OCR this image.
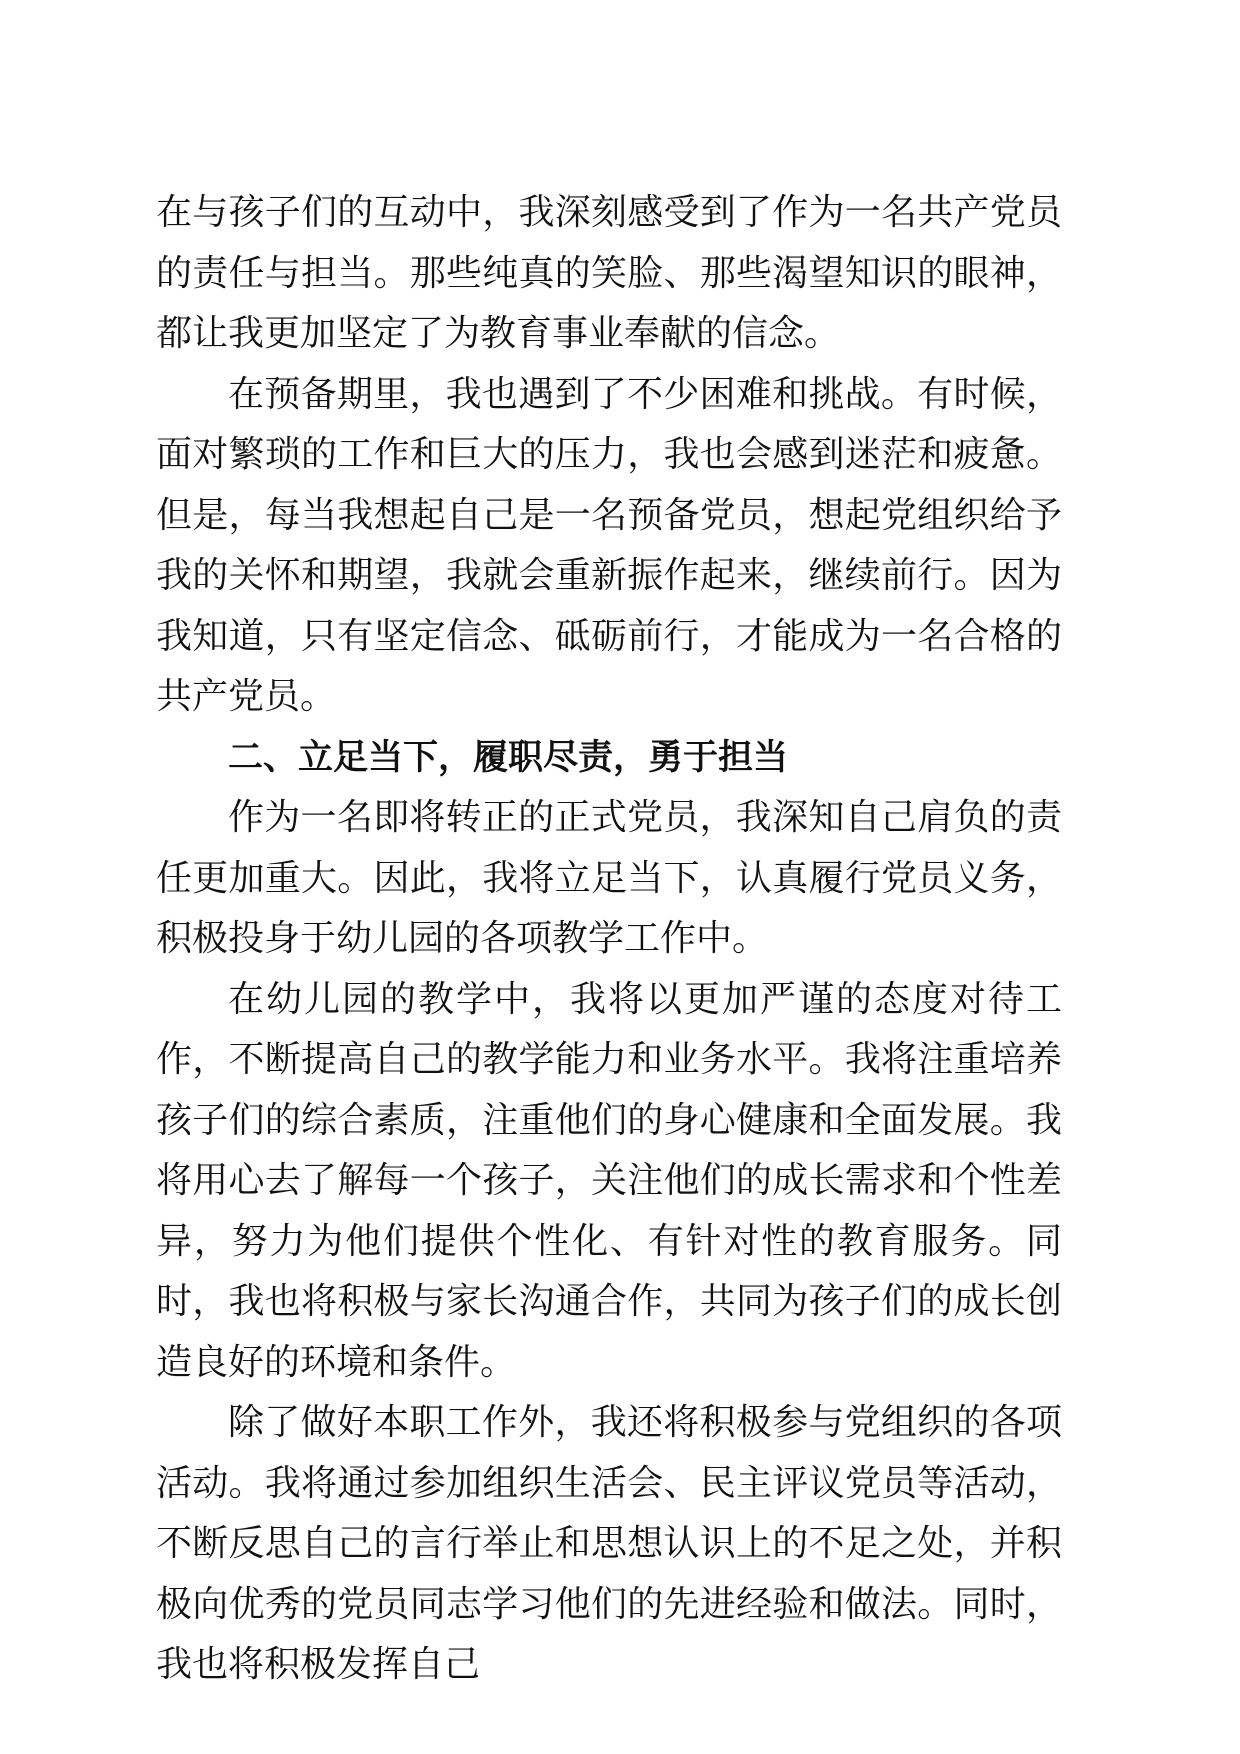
在与孩子们的互动中，我深刻感受到了作为一名共产党员的责任与担当。那些纯真的笑脸、那些渴望知识的眼神，都让我更加坚定了为教育事业奉献的信念。

在预备期里，我也遇到了不少困难和挑战。有时候，面对繁琐的工作和巨大的压力，我也会感到迷茫和疲惫。但是，每当我想起自己是一名预备党员，想起党组织给予我的关怀和期望，我就会重新振作起来，继续前行。因为我知道，只有坚定信念、砥砺前行，才能成为一名合格的共产党员。

二、立足当下，履职尽责，勇于担当

作为一名即将转正的正式党员，我深知自己肩负的责任更加重大。因此，我将立足当下，认真履行党员义务，积极投身于幼儿园的各项教学工作中。

在幼儿园的教学中，我将以更加严谨的态度对待工作，不断提高自己的教学能力和业务水平。我将注重培养孩子们的综合素质，注重他们的身心健康和全面发展。我将用心去了解每一个孩子，关注他们的成长需求和个性差异，努力为他们提供个性化、有针对性的教育服务。同时，我也将积极与家长沟通合作，共同为孩子们的成长创造良好的环境和条件。

除了做好本职工作外，我还将积极参与党组织的各项活动。我将通过参加组织生活会、民主评议党员等活动，不断反思自己的言行举止和思想认识上的不足之处，并积极向优秀的党员同志学习他们的先进经验和做法。同时，我也将积极发挥自己
